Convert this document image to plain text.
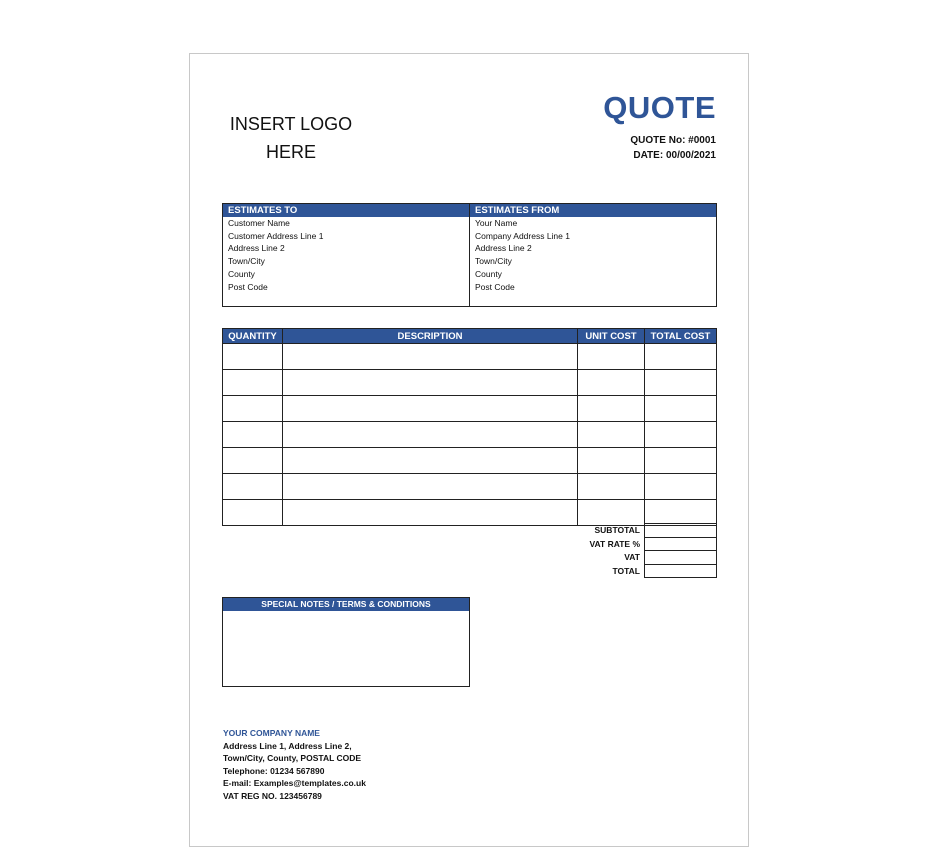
INSERT LOGO
HERE
QUOTE
QUOTE No: #0001
DATE: 00/00/2021
ESTIMATES TO
Customer Name
Customer Address Line 1
Address Line 2
Town/City
County
Post Code
ESTIMATES FROM
Your Name
Company Address Line 1
Address Line 2
Town/City
County
Post Code
QUANTITY	DESCRIPTION	UNIT COST	TOTAL COST

SUBTOTAL	
VAT RATE %	
VAT	
TOTAL	
SPECIAL NOTES / TERMS & CONDITIONS
YOUR COMPANY NAME
Address Line 1, Address Line 2,
Town/City, County, POSTAL CODE
Telephone: 01234 567890
E-mail: Examples@templates.co.uk
VAT REG NO. 123456789
